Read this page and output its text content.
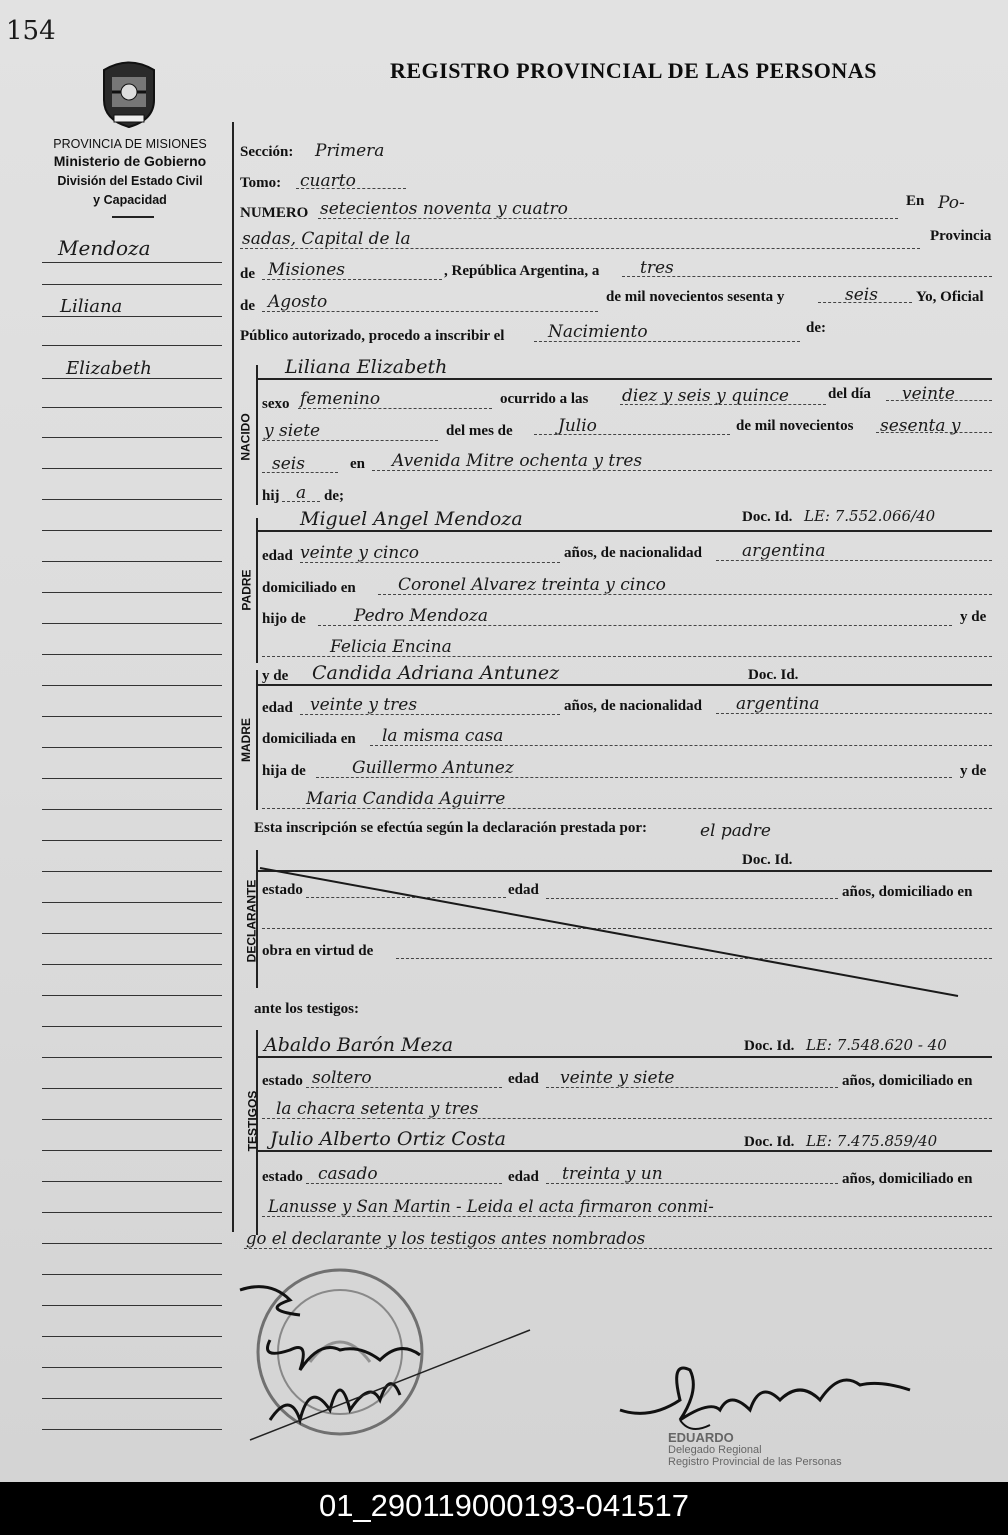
154
PROVINCIA DE MISIONES
Ministerio de Gobierno
División del Estado Civil
y Capacidad
REGISTRO PROVINCIAL DE LAS PERSONAS
Mendoza
Liliana
Elizabeth
Sección: Primera
Tomo: cuarto
NUMERO setecientos noventa y cuatro	En Po-
sadas, Capital de la	Provincia
de Misiones	, República Argentina, a tres
de Agosto	de mil novecientos sesenta y	seis	Yo, Oficial
Público autorizado, procedo a inscribir el	Nacimiento	de:
NACIDO
Liliana Elizabeth
sexo femenino	ocurrido a las diez y seis y quince	del día veinte
y siete	del mes de	Julio	de mil novecientos sesenta y
seis	en Avenida Mitre ochenta y tres
hij a de;
PADRE
Miguel Angel Mendoza	Doc. Id. LE: 7.552.066/40
edad veinte y cinco	años, de nacionalidad argentina
domiciliado en Coronel Alvarez treinta y cinco
hijo de	Pedro Mendoza	y de
Felicia Encina
MADRE
y de Candida Adriana Antunez	Doc. Id.
edad veinte y tres	años, de nacionalidad argentina
domiciliada en la misma casa
hija de	Guillermo Antunez	y de
Maria Candida Aguirre
Esta inscripción se efectúa según la declaración prestada por:	el padre
DECLARANTE
Doc. Id.
estado	edad	años, domiciliado en
obra en virtud de
ante los testigos:
TESTIGOS
Abaldo Barón Meza	Doc. Id. LE: 7.548.620 - 40
estado soltero	edad veinte y siete	años, domiciliado en
la chacra setenta y tres
Julio Alberto Ortiz Costa	Doc. Id. LE: 7.475.859/40
estado casado	edad treinta y un	años, domiciliado en
Lanusse y San Martin - Leida el acta firmaron conmi-
go el declarante y los testigos antes nombrados
EDUARDO
Delegado Regional
Registro Provincial de las Personas
01_290119000193-041517
